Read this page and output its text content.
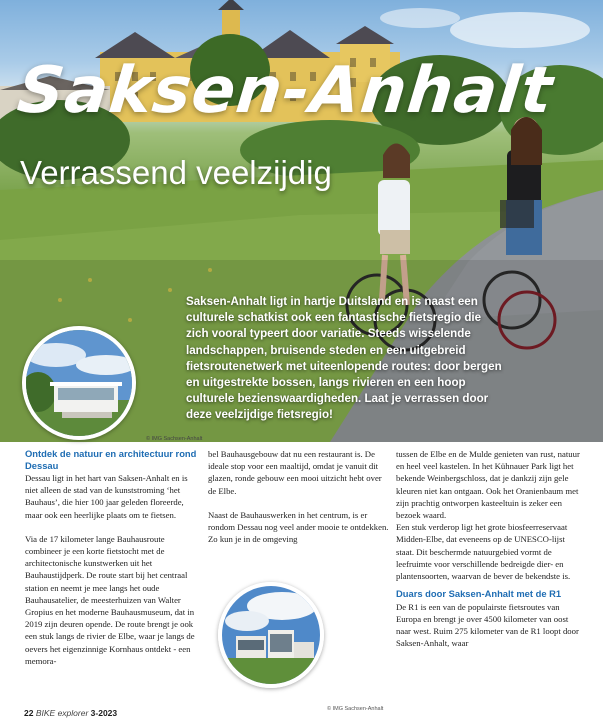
Saksen-Anhalt
Verrassend veelzijdig

Saksen-Anhalt ligt in hartje Duitsland en is naast een culturele schatkist ook een fantastische fietsregio die zich vooral typeert door variatie. Steeds wisselende landschappen, bruisende steden en een uitgebreid fietsroutenetwerk met uiteenlopende routes: door bergen en uitgestrekte bossen, langs rivieren en een hoop culturele bezienswaardigheden. Laat je verrassen door deze veelzijdige fietsregio!

© IMG Sachsen-Anhalt
Ontdek de natuur en architectuur rond Dessau

Dessau ligt in het hart van Saksen-Anhalt en is niet alleen de stad van de kunststroming ‘het Bauhaus’, die hier 100 jaar geleden floreerde, maar ook een heerlijke plaats om te fietsen.

Via de 17 kilometer lange Bauhausroute combineer je een korte fietstocht met de architectonische kunstwerken uit het Bauhaustijdperk. De route start bij het centraal station en neemt je mee langs het oude Bauhausatelier, de meesterhuizen van Walter Gropius en het moderne Bauhausmuseum, dat in 2019 zijn deuren opende. De route brengt je ook een stuk langs de rivier de Elbe, waar je langs de oevers het eigenzinnige Kornhaus ontdekt - een memora-

bel Bauhausgebouw dat nu een restaurant is. De ideale stop voor een maaltijd, omdat je vanuit dit glazen, ronde gebouw een mooi uitzicht hebt over de Elbe.

Naast de Bauhauswerken in het centrum, is er rondom Dessau nog veel ander mooie te ontdekken. Zo kun je in de omgeving

tussen de Elbe en de Mulde genieten van rust, natuur en heel veel kastelen. In het Kühnauer Park ligt het bekende Weinbergschloss, dat je dankzij zijn gele kleuren niet kan ontgaan. Ook het Oranienbaum met zijn prachtig ontworpen kasteeltuin is zeker een bezoek waard.

Een stuk verderop ligt het grote biosfeerreservaat Midden-Elbe, dat eveneens op de UNESCO-lijst staat. Dit beschermde natuurgebied vormt de leefruimte voor verschillende bedreigde dier- en plantensoorten, waarvan de bever de bekendste is.

Duars door Saksen-Anhalt met de R1

De R1 is een van de populairste fietsroutes van Europa en brengt je over 4500 kilometer van oost naar west. Ruim 275 kilometer van de R1 loopt door Saksen-Anhalt, waar

© IMG Sachsen-Anhalt
22 BIKE explorer 3-2023
